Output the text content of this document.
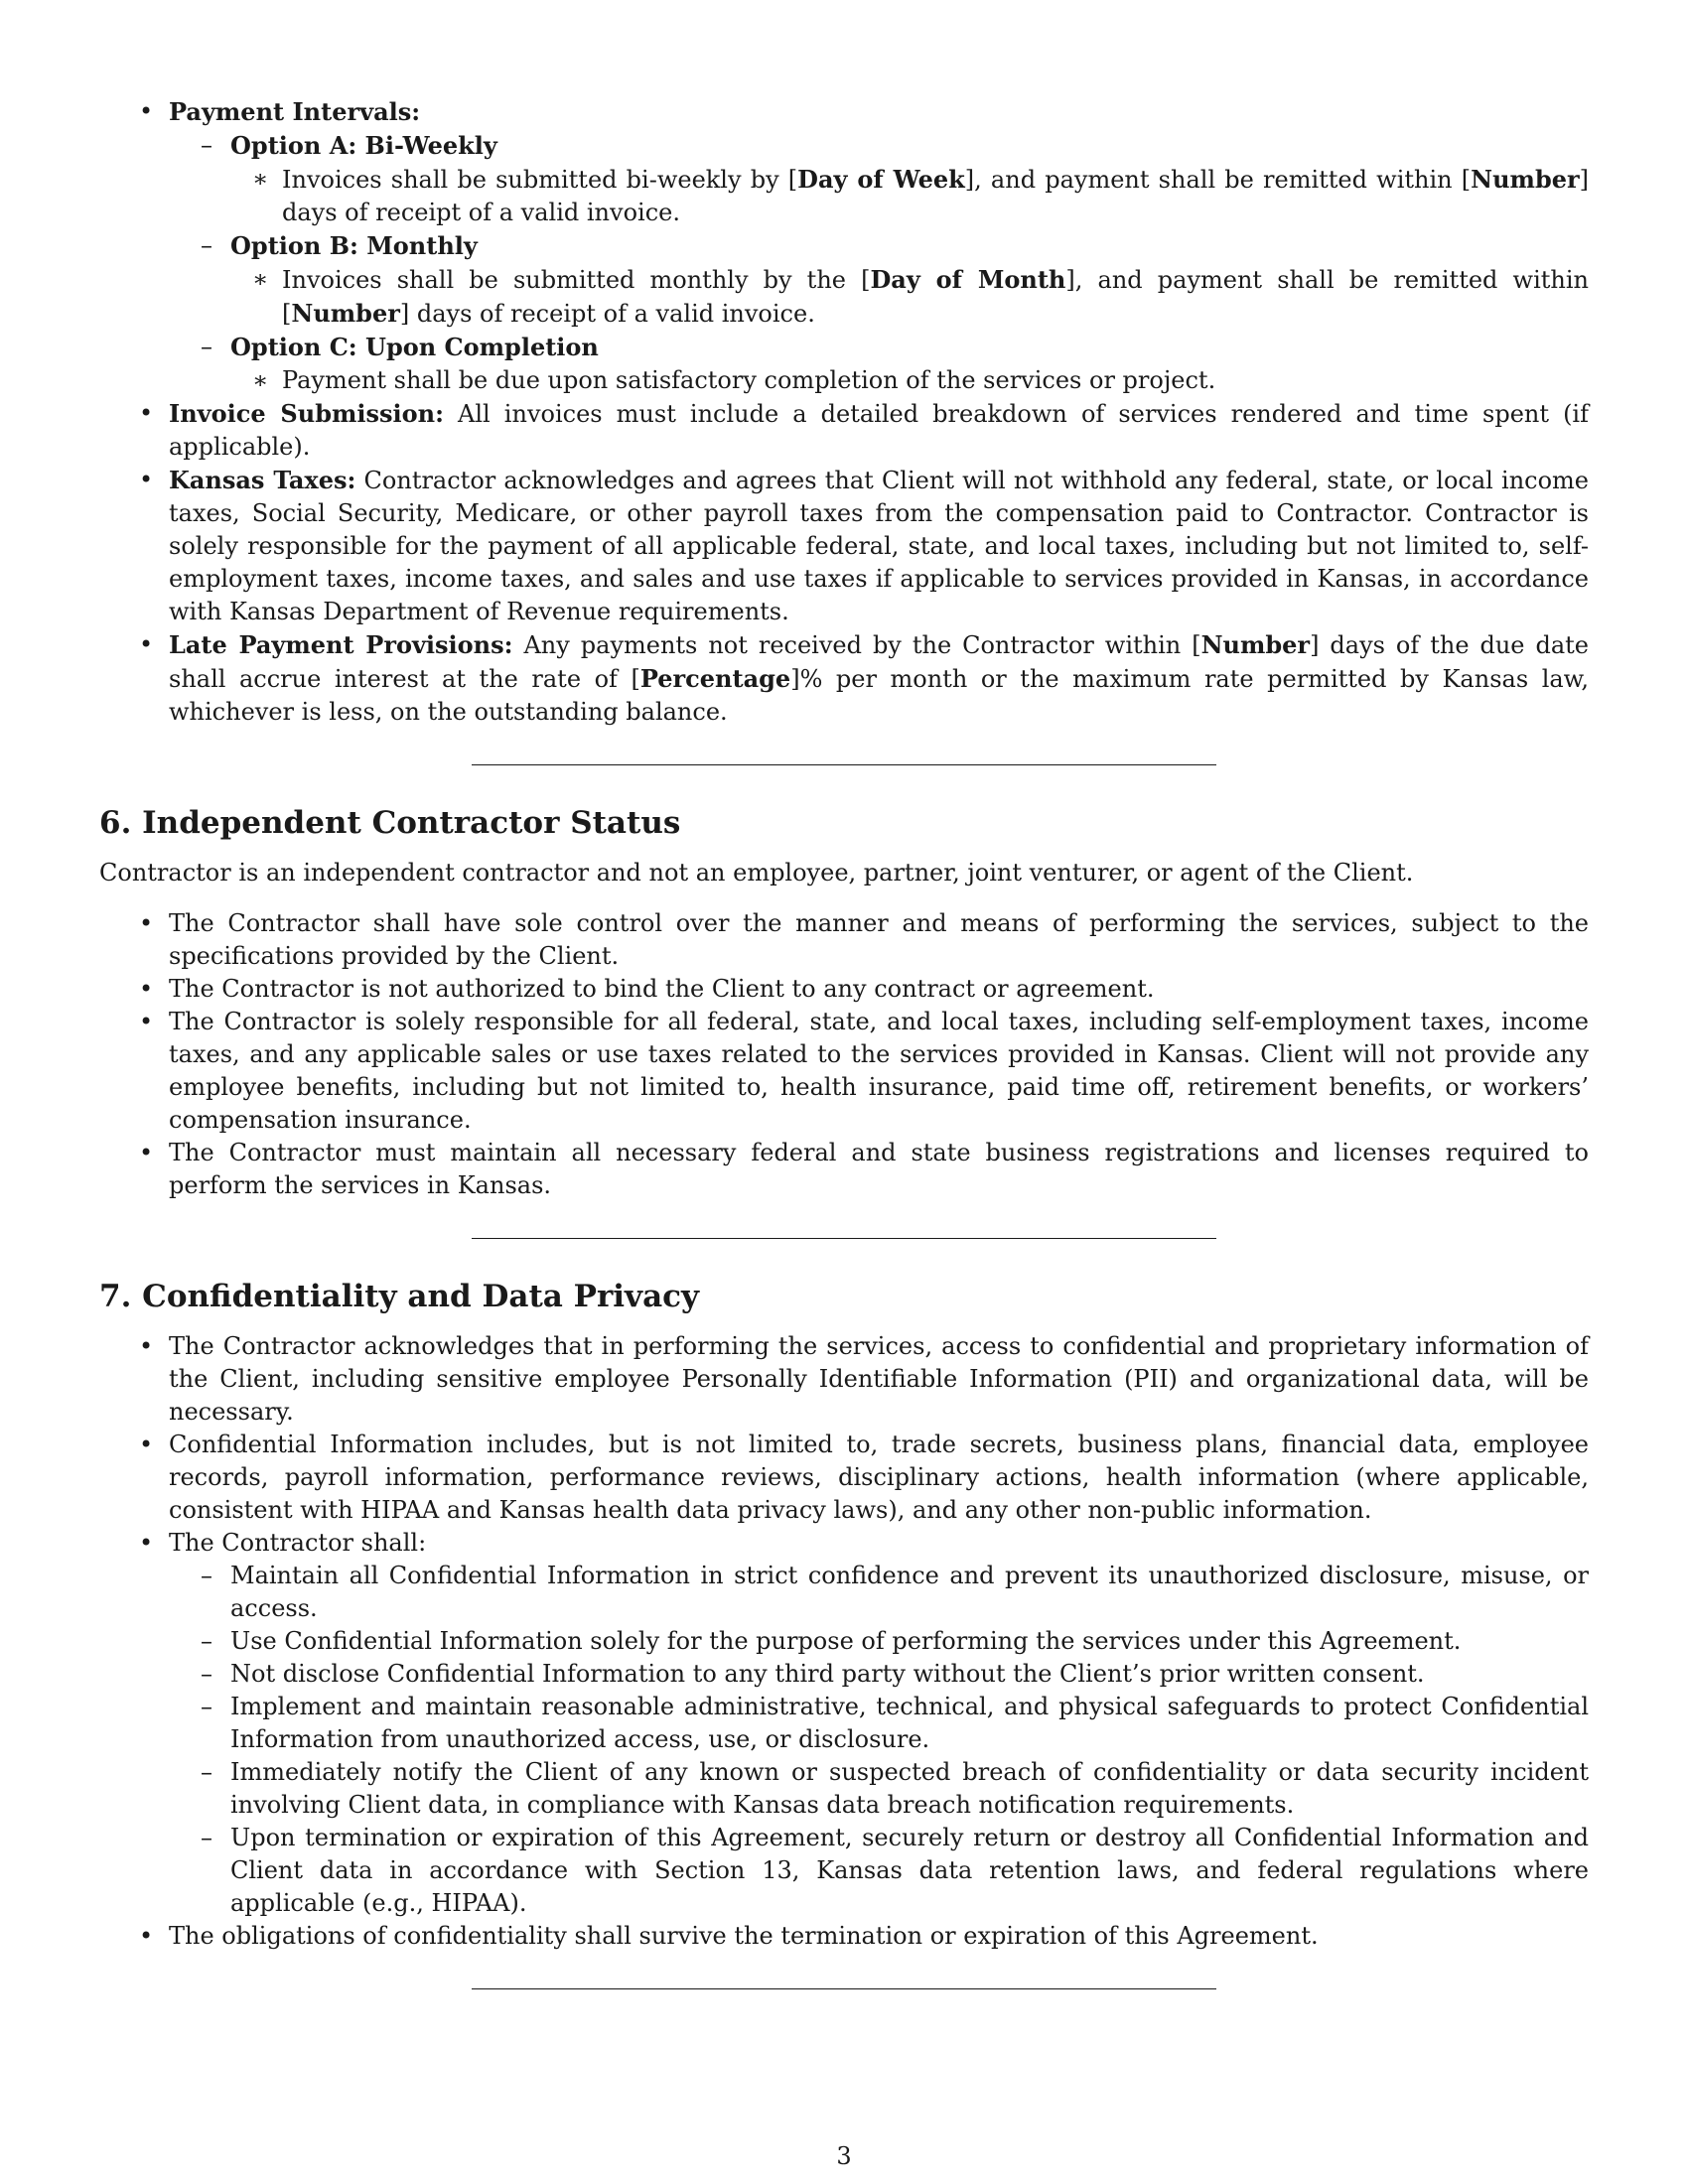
• Payment Intervals:
– Option A: Bi-Weekly
∗ Invoices shall be submitted bi-weekly by [Day of Week], and payment shall be remitted within [Number] days of receipt of a valid invoice.
– Option B: Monthly
∗ Invoices shall be submitted monthly by the [Day of Month], and payment shall be remitted within [Number] days of receipt of a valid invoice.
– Option C: Upon Completion
∗ Payment shall be due upon satisfactory completion of the services or project.
• Invoice Submission: All invoices must include a detailed breakdown of services rendered and time spent (if applicable).
• Kansas Taxes: Contractor acknowledges and agrees that Client will not withhold any federal, state, or local income taxes, Social Security, Medicare, or other payroll taxes from the compensation paid to Contractor. Contractor is solely responsible for the payment of all applicable federal, state, and local taxes, including but not limited to, self-employment taxes, income taxes, and sales and use taxes if applicable to services provided in Kansas, in accordance with Kansas Department of Revenue requirements.
• Late Payment Provisions: Any payments not received by the Contractor within [Number] days of the due date shall accrue interest at the rate of [Percentage]% per month or the maximum rate permitted by Kansas law, whichever is less, on the outstanding balance.
6. Independent Contractor Status
Contractor is an independent contractor and not an employee, partner, joint venturer, or agent of the Client.
• The Contractor shall have sole control over the manner and means of performing the services, subject to the specifications provided by the Client.
• The Contractor is not authorized to bind the Client to any contract or agreement.
• The Contractor is solely responsible for all federal, state, and local taxes, including self-employment taxes, income taxes, and any applicable sales or use taxes related to the services provided in Kansas. Client will not provide any employee benefits, including but not limited to, health insurance, paid time off, retirement benefits, or workers’ compensation insurance.
• The Contractor must maintain all necessary federal and state business registrations and licenses required to perform the services in Kansas.
7. Confidentiality and Data Privacy
• The Contractor acknowledges that in performing the services, access to confidential and proprietary information of the Client, including sensitive employee Personally Identifiable Information (PII) and organizational data, will be necessary.
• Confidential Information includes, but is not limited to, trade secrets, business plans, financial data, employee records, payroll information, performance reviews, disciplinary actions, health information (where applicable, consistent with HIPAA and Kansas health data privacy laws), and any other non-public information.
• The Contractor shall:
– Maintain all Confidential Information in strict confidence and prevent its unauthorized disclosure, misuse, or access.
– Use Confidential Information solely for the purpose of performing the services under this Agreement.
– Not disclose Confidential Information to any third party without the Client’s prior written consent.
– Implement and maintain reasonable administrative, technical, and physical safeguards to protect Confidential Information from unauthorized access, use, or disclosure.
– Immediately notify the Client of any known or suspected breach of confidentiality or data security incident involving Client data, in compliance with Kansas data breach notification requirements.
– Upon termination or expiration of this Agreement, securely return or destroy all Confidential Information and Client data in accordance with Section 13, Kansas data retention laws, and federal regulations where applicable (e.g., HIPAA).
• The obligations of confidentiality shall survive the termination or expiration of this Agreement.
3
